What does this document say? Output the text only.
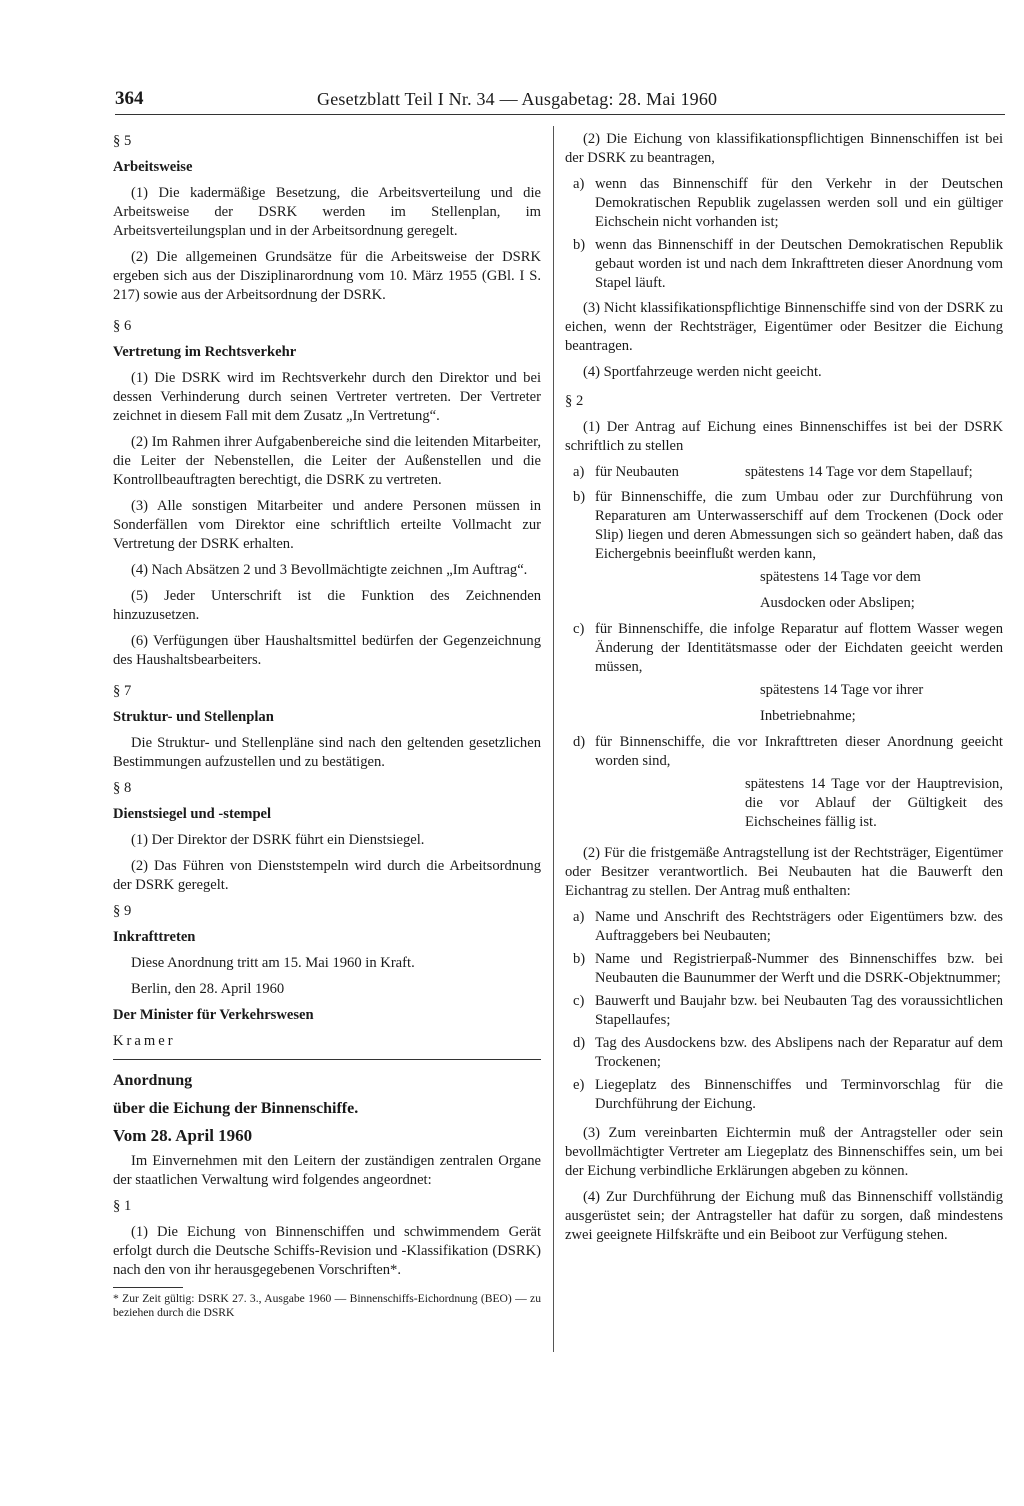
364	Gesetzblatt Teil I Nr. 34 — Ausgabetag: 28. Mai 1960

§ 5

Arbeitsweise

(1) Die kadermäßige Besetzung, die Arbeitsverteilung und die Arbeitsweise der DSRK werden im Stellenplan, im Arbeitsverteilungsplan und in der Arbeitsordnung geregelt.

(2) Die allgemeinen Grundsätze für die Arbeitsweise der DSRK ergeben sich aus der Disziplinarordnung vom 10. März 1955 (GBl. I S. 217) sowie aus der Arbeitsordnung der DSRK.

§ 6

Vertretung im Rechtsverkehr

(1) Die DSRK wird im Rechtsverkehr durch den Direktor und bei dessen Verhinderung durch seinen Vertreter vertreten. Der Vertreter zeichnet in diesem Fall mit dem Zusatz „In Vertretung“.

(2) Im Rahmen ihrer Aufgabenbereiche sind die leitenden Mitarbeiter, die Leiter der Nebenstellen, die Leiter der Außenstellen und die Kontrollbeauftragten berechtigt, die DSRK zu vertreten.

(3) Alle sonstigen Mitarbeiter und andere Personen müssen in Sonderfällen vom Direktor eine schriftlich erteilte Vollmacht zur Vertretung der DSRK erhalten.

(4) Nach Absätzen 2 und 3 Bevollmächtigte zeichnen „Im Auftrag“.

(5) Jeder Unterschrift ist die Funktion des Zeichnenden hinzuzusetzen.

(6) Verfügungen über Haushaltsmittel bedürfen der Gegenzeichnung des Haushaltsbearbeiters.

§ 7

Struktur- und Stellenplan

Die Struktur- und Stellenpläne sind nach den geltenden gesetzlichen Bestimmungen aufzustellen und zu bestätigen.

§ 8

Dienstsiegel und -stempel

(1) Der Direktor der DSRK führt ein Dienstsiegel.

(2) Das Führen von Dienststempeln wird durch die Arbeitsordnung der DSRK geregelt.

§ 9

Inkrafttreten

Diese Anordnung tritt am 15. Mai 1960 in Kraft.

Berlin, den 28. April 1960

Der Minister für Verkehrswesen

Kramer

Anordnung

über die Eichung der Binnenschiffe.

Vom 28. April 1960

Im Einvernehmen mit den Leitern der zuständigen zentralen Organe der staatlichen Verwaltung wird folgendes angeordnet:

§ 1

(1) Die Eichung von Binnenschiffen und schwimmendem Gerät erfolgt durch die Deutsche Schiffs-Revision und -Klassifikation (DSRK) nach den von ihr herausgegebenen Vorschriften*.

* Zur Zeit gültig: DSRK 27. 3., Ausgabe 1960 — Binnenschiffs-Eichordnung (BEO) — zu beziehen durch die DSRK

(2) Die Eichung von klassifikationspflichtigen Binnenschiffen ist bei der DSRK zu beantragen,

a) wenn das Binnenschiff für den Verkehr in der Deutschen Demokratischen Republik zugelassen werden soll und ein gültiger Eichschein nicht vorhanden ist;
b) wenn das Binnenschiff in der Deutschen Demokratischen Republik gebaut worden ist und nach dem Inkrafttreten dieser Anordnung vom Stapel läuft.

(3) Nicht klassifikationspflichtige Binnenschiffe sind von der DSRK zu eichen, wenn der Rechtsträger, Eigentümer oder Besitzer die Eichung beantragen.

(4) Sportfahrzeuge werden nicht geeicht.

§ 2

(1) Der Antrag auf Eichung eines Binnenschiffes ist bei der DSRK schriftlich zu stellen

a) für Neubauten	spätestens 14 Tage vor dem Stapellauf;
b) für Binnenschiffe, die zum Umbau oder zur Durchführung von Reparaturen am Unterwasserschiff auf dem Trockenen (Dock oder Slip) liegen und deren Abmessungen sich so geändert haben, daß das Eichergebnis beeinflußt werden kann,

spätestens 14 Tage vor dem

Ausdocken oder Abslipen;

c) für Binnenschiffe, die infolge Reparatur auf flottem Wasser wegen Änderung der Identitätsmasse oder der Eichdaten geeicht werden müssen,

spätestens 14 Tage vor ihrer

Inbetriebnahme;

d) für Binnenschiffe, die vor Inkrafttreten dieser Anordnung geeicht worden sind,

spätestens 14 Tage vor der Hauptrevision, die vor Ablauf der Gültigkeit des Eichscheines fällig ist.

(2) Für die fristgemäße Antragstellung ist der Rechtsträger, Eigentümer oder Besitzer verantwortlich. Bei Neubauten hat die Bauwerft den Eichantrag zu stellen. Der Antrag muß enthalten:

a) Name und Anschrift des Rechtsträgers oder Eigentümers bzw. des Auftraggebers bei Neubauten;
b) Name und Registrierpaß-Nummer des Binnenschiffes bzw. bei Neubauten die Baunummer der Werft und die DSRK-Objektnummer;
c) Bauwerft und Baujahr bzw. bei Neubauten Tag des voraussichtlichen Stapellaufes;
d) Tag des Ausdockens bzw. des Abslipens nach der Reparatur auf dem Trockenen;
e) Liegeplatz des Binnenschiffes und Terminvorschlag für die Durchführung der Eichung.

(3) Zum vereinbarten Eichtermin muß der Antragsteller oder sein bevollmächtigter Vertreter am Liegeplatz des Binnenschiffes sein, um bei der Eichung verbindliche Erklärungen abgeben zu können.

(4) Zur Durchführung der Eichung muß das Binnenschiff vollständig ausgerüstet sein; der Antragsteller hat dafür zu sorgen, daß mindestens zwei geeignete Hilfskräfte und ein Beiboot zur Verfügung stehen.
